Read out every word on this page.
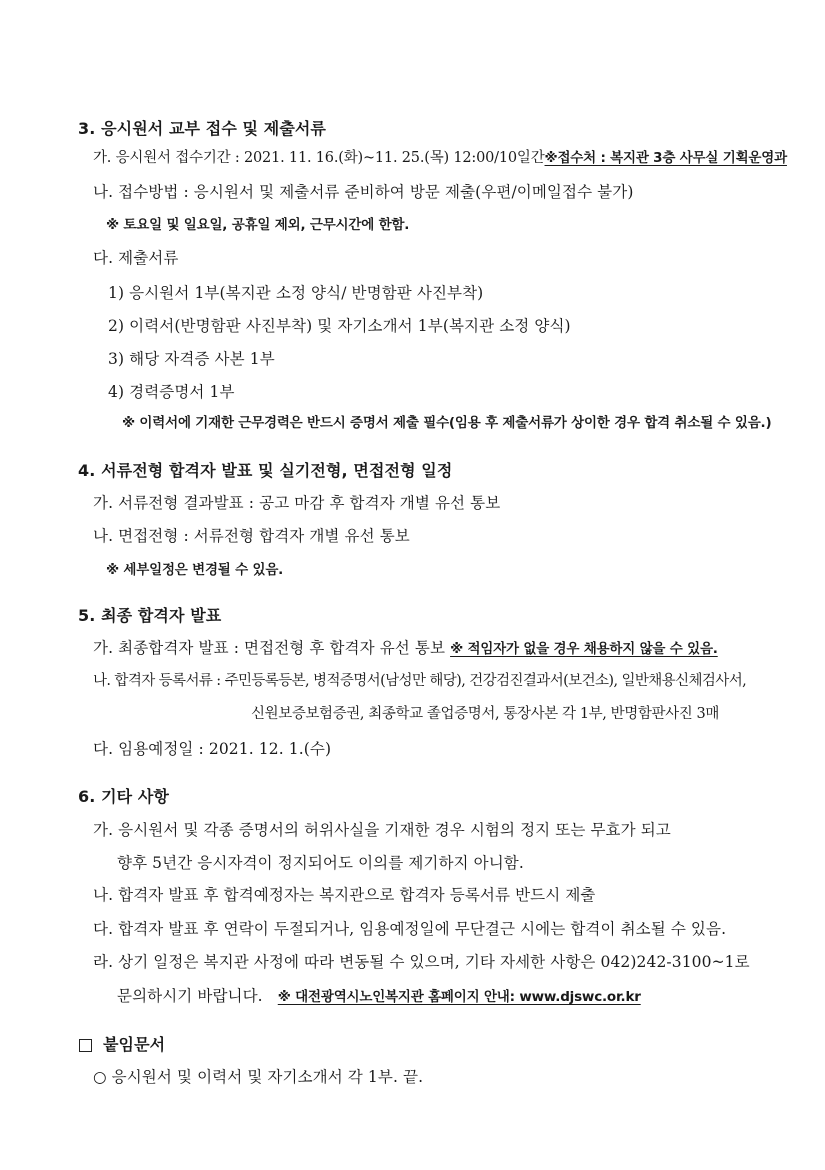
3. 응시원서 교부 접수 및 제출서류
가. 응시원서 접수기간 : 2021. 11. 16.(화)~11. 25.(목) 12:00/10일간※접수처 : 복지관 3층 사무실 기획운영과
나. 접수방법 : 응시원서 및 제출서류 준비하여 방문 제출(우편/이메일접수 불가)
※ 토요일 및 일요일, 공휴일 제외, 근무시간에 한함.
다. 제출서류
1) 응시원서 1부(복지관 소정 양식/ 반명함판 사진부착)
2) 이력서(반명함판 사진부착) 및 자기소개서 1부(복지관 소정 양식)
3) 해당 자격증 사본 1부
4) 경력증명서 1부
※ 이력서에 기재한 근무경력은 반드시 증명서 제출 필수(임용 후 제출서류가 상이한 경우 합격 취소될 수 있음.)
4. 서류전형 합격자 발표 및 실기전형, 면접전형 일정
가. 서류전형 결과발표 : 공고 마감 후 합격자 개별 유선 통보
나. 면접전형 : 서류전형 합격자 개별 유선 통보
※ 세부일정은 변경될 수 있음.
5. 최종 합격자 발표
가. 최종합격자 발표 : 면접전형 후 합격자 유선 통보 ※ 적임자가 없을 경우 채용하지 않을 수 있음.
나. 합격자 등록서류 : 주민등록등본, 병적증명서(남성만 해당), 건강검진결과서(보건소), 일반채용신체검사서,
신원보증보험증권, 최종학교 졸업증명서, 통장사본 각 1부, 반명함판사진 3매
다. 임용예정일 : 2021. 12. 1.(수)
6. 기타 사항
가. 응시원서 및 각종 증명서의 허위사실을 기재한 경우 시험의 정지 또는 무효가 되고
향후 5년간 응시자격이 정지되어도 이의를 제기하지 아니함.
나. 합격자 발표 후 합격예정자는 복지관으로 합격자 등록서류 반드시 제출
다. 합격자 발표 후 연락이 두절되거나, 임용예정일에 무단결근 시에는 합격이 취소될 수 있음.
라. 상기 일정은 복지관 사정에 따라 변동될 수 있으며, 기타 자세한 사항은 042)242-3100~1로
문의하시기 바랍니다. ※ 대전광역시노인복지관 홈페이지 안내: www.djswc.or.kr
붙임문서
○ 응시원서 및 이력서 및 자기소개서 각 1부. 끝.
